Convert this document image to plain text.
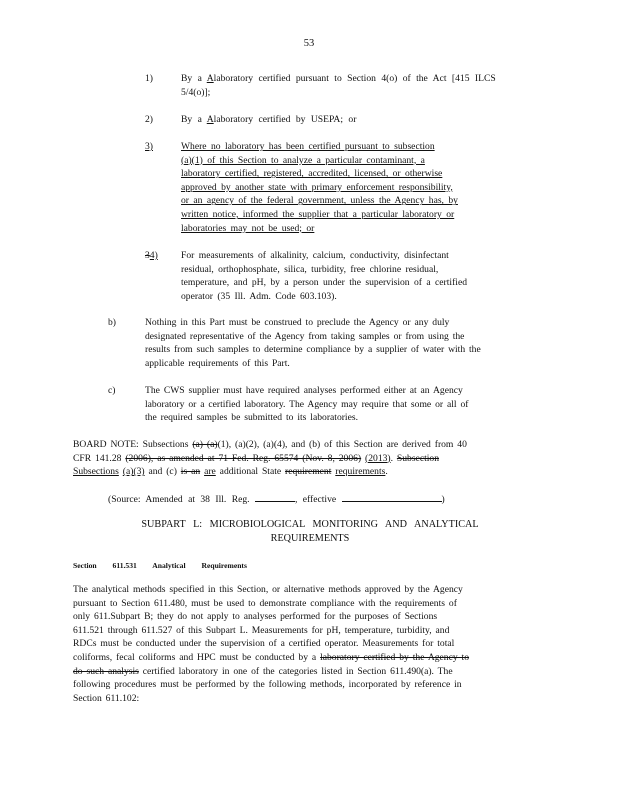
53
1)	By a Alaboratory certified pursuant to Section 4(o) of the Act [415 ILCS
5/4(o)];
2)	By a Alaboratory certified by USEPA; or
3)	Where no laboratory has been certified pursuant to subsection
(a)(1) of this Section to analyze a particular contaminant, a
laboratory certified, registered, accredited, licensed, or otherwise
approved by another state with primary enforcement responsibility,
or an agency of the federal government, unless the Agency has, by
written notice, informed the supplier that a particular laboratory or
laboratories may not be used; or
34)	For measurements of alkalinity, calcium, conductivity, disinfectant
residual, orthophosphate, silica, turbidity, free chlorine residual,
temperature, and pH, by a person under the supervision of a certified
operator (35 Ill. Adm. Code 603.103).
b)	Nothing in this Part must be construed to preclude the Agency or any duly
designated representative of the Agency from taking samples or from using the
results from such samples to determine compliance by a supplier of water with the
applicable requirements of this Part.
c)	The CWS supplier must have required analyses performed either at an Agency
laboratory or a certified laboratory. The Agency may require that some or all of
the required samples be submitted to its laboratories.
BOARD NOTE: Subsections (a) (a)(1), (a)(2), (a)(4), and (b) of this Section are derived from 40
CFR 141.28 (2006), as amended at 71 Fed. Reg. 65574 (Nov. 8, 2006) (2013). Subsection
Subsections (a)(3) and (c) is an are additional State requirement requirements.
(Source: Amended at 38 Ill. Reg.	, effective	)
SUBPART L: MICROBIOLOGICAL MONITORING AND ANALYTICAL
REQUIREMENTS
Section 611.531 Analytical Requirements
The analytical methods specified in this Section, or alternative methods approved by the Agency
pursuant to Section 611.480, must be used to demonstrate compliance with the requirements of
only 611.Subpart B; they do not apply to analyses performed for the purposes of Sections
611.521 through 611.527 of this Subpart L. Measurements for pH, temperature, turbidity, and
RDCs must be conducted under the supervision of a certified operator. Measurements for total
coliforms, fecal coliforms and HPC must be conducted by a laboratory certified by the Agency to
do such analysis certified laboratory in one of the categories listed in Section 611.490(a). The
following procedures must be performed by the following methods, incorporated by reference in
Section 611.102:
